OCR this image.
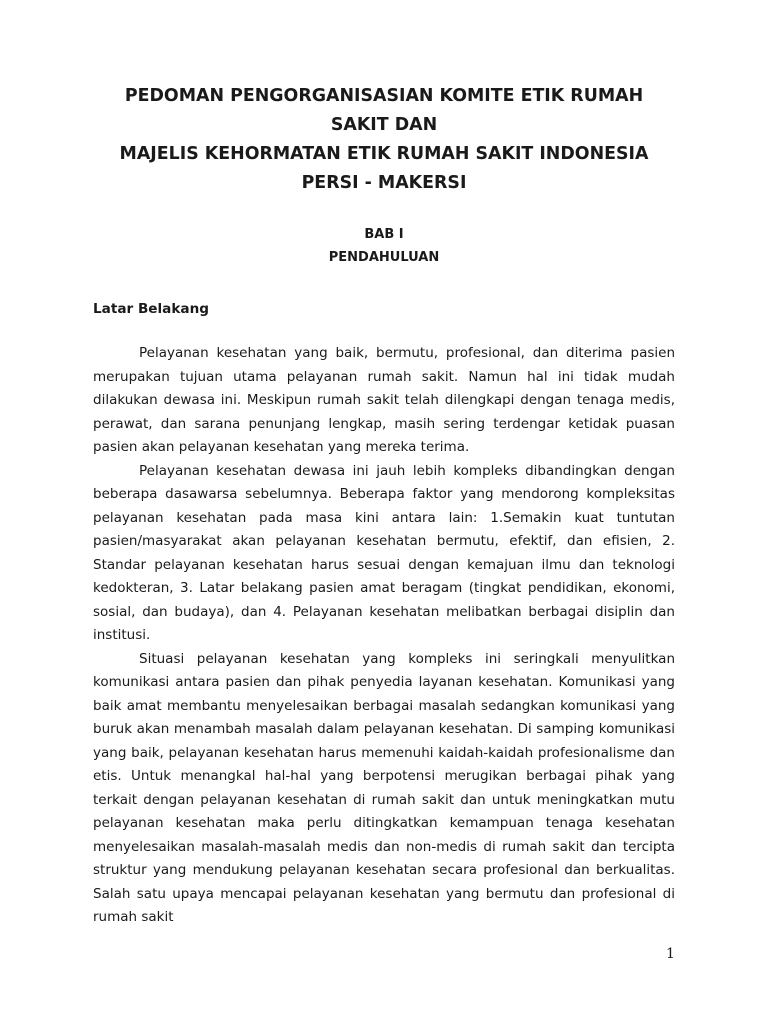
PEDOMAN PENGORGANISASIAN KOMITE ETIK RUMAH
SAKIT DAN
MAJELIS KEHORMATAN ETIK RUMAH SAKIT INDONESIA
PERSI - MAKERSI
BAB I
PENDAHULUAN
Latar Belakang

Pelayanan kesehatan yang baik, bermutu, profesional, dan diterima pasien merupakan tujuan utama pelayanan rumah sakit. Namun hal ini tidak mudah dilakukan dewasa ini. Meskipun rumah sakit telah dilengkapi dengan tenaga medis, perawat, dan sarana penunjang lengkap, masih sering terdengar ketidak puasan pasien akan pelayanan kesehatan yang mereka terima.

Pelayanan kesehatan dewasa ini jauh lebih kompleks dibandingkan dengan beberapa dasawarsa sebelumnya. Beberapa faktor yang mendorong kompleksitas pelayanan kesehatan pada masa kini antara lain: 1.Semakin kuat tuntutan pasien/masyarakat akan pelayanan kesehatan bermutu, efektif, dan efisien, 2. Standar pelayanan kesehatan harus sesuai dengan kemajuan ilmu dan teknologi kedokteran, 3. Latar belakang pasien amat beragam (tingkat pendidikan, ekonomi, sosial, dan budaya), dan 4. Pelayanan kesehatan melibatkan berbagai disiplin dan institusi.

Situasi pelayanan kesehatan yang kompleks ini seringkali menyulitkan komunikasi antara pasien dan pihak penyedia layanan kesehatan. Komunikasi yang baik amat membantu menyelesaikan berbagai masalah sedangkan komunikasi yang buruk akan menambah masalah dalam pelayanan kesehatan. Di samping komunikasi yang baik, pelayanan kesehatan harus memenuhi kaidah-kaidah profesionalisme dan etis. Untuk menangkal hal-hal yang berpotensi merugikan berbagai pihak yang terkait dengan pelayanan kesehatan di rumah sakit dan untuk meningkatkan mutu pelayanan kesehatan maka perlu ditingkatkan kemampuan tenaga kesehatan menyelesaikan masalah-masalah medis dan non-medis di rumah sakit dan tercipta struktur yang mendukung pelayanan kesehatan secara profesional dan berkualitas. Salah satu upaya mencapai pelayanan kesehatan yang bermutu dan profesional di rumah sakit

1
